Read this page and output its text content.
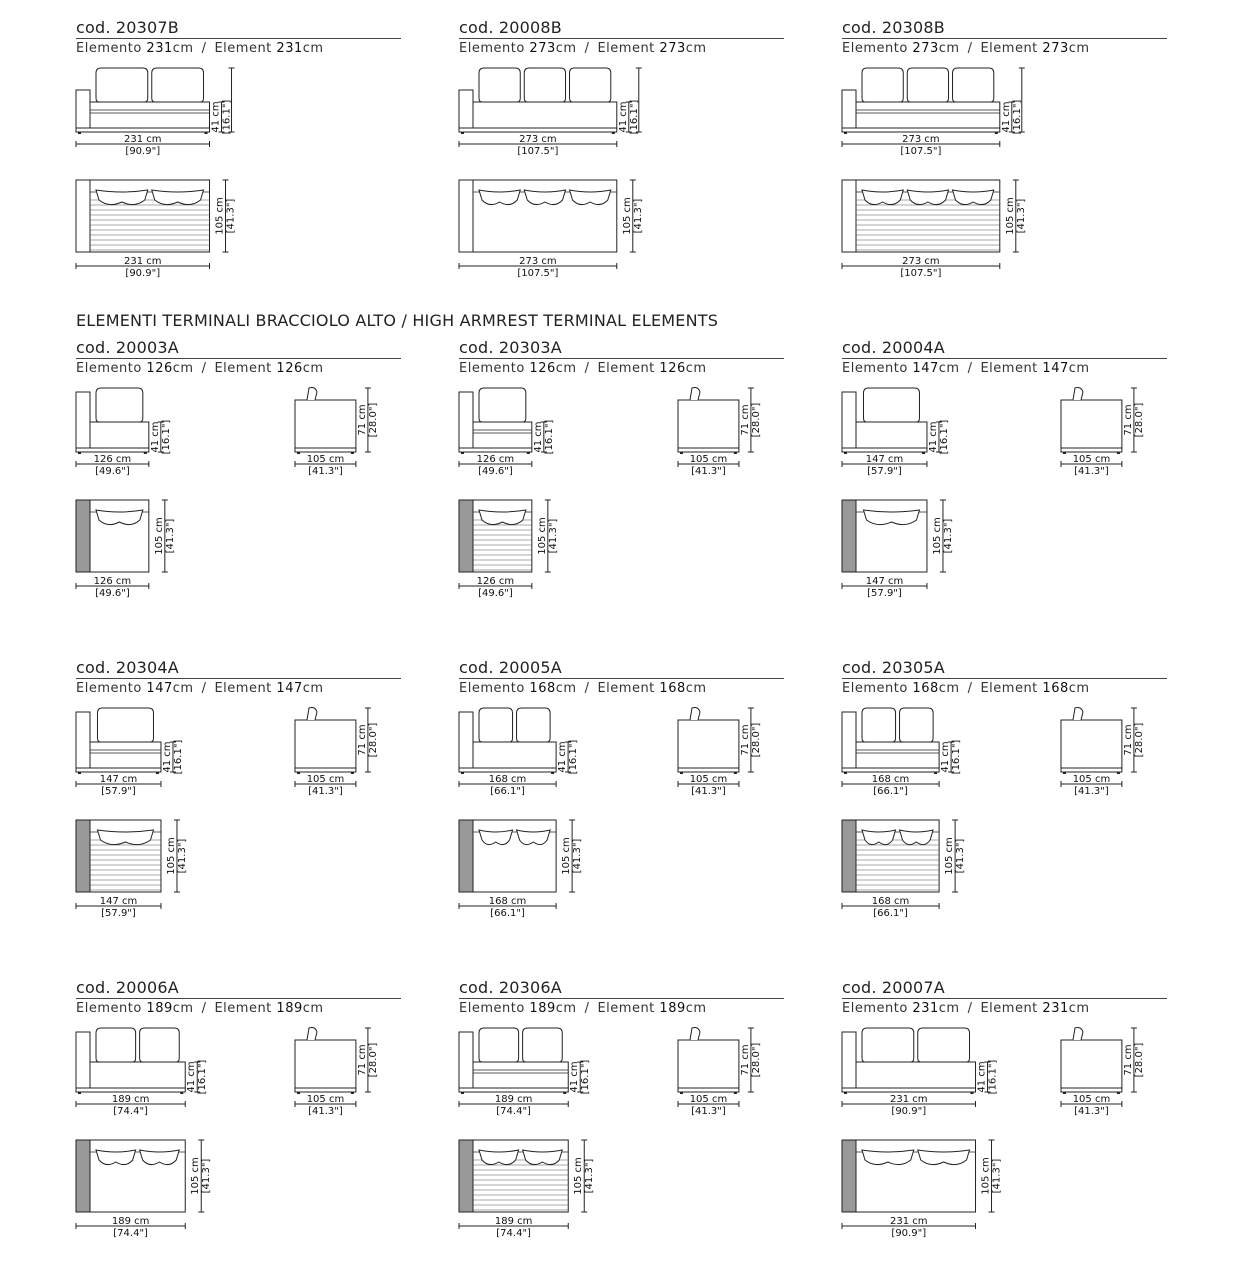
ELEMENTI TERMINALI BRACCIOLO ALTO / HIGH ARMREST TERMINAL ELEMENTS
cod. 20307B
Elemento 231cm / Element 231cm
231 cm
[90.9"]
41 cm [16.1"]
231 cm
[90.9"]
105 cm [41.3"]
cod. 20008B
Elemento 273cm / Element 273cm
273 cm
[107.5"]
41 cm [16.1"]
273 cm
[107.5"]
105 cm [41.3"]
cod. 20308B
Elemento 273cm / Element 273cm
273 cm
[107.5"]
41 cm [16.1"]
273 cm
[107.5"]
105 cm [41.3"]
cod. 20003A
Elemento 126cm / Element 126cm
126 cm
[49.6"]
41 cm [16.1"]
105 cm
[41.3"]
71 cm [28.0"]
126 cm
[49.6"]
105 cm [41.3"]
cod. 20303A
Elemento 126cm / Element 126cm
126 cm
[49.6"]
41 cm [16.1"]
105 cm
[41.3"]
71 cm [28.0"]
126 cm
[49.6"]
105 cm [41.3"]
cod. 20004A
Elemento 147cm / Element 147cm
147 cm
[57.9"]
41 cm [16.1"]
105 cm
[41.3"]
71 cm [28.0"]
147 cm
[57.9"]
105 cm [41.3"]
cod. 20304A
Elemento 147cm / Element 147cm
147 cm
[57.9"]
41 cm [16.1"]
105 cm
[41.3"]
71 cm [28.0"]
147 cm
[57.9"]
105 cm [41.3"]
cod. 20005A
Elemento 168cm / Element 168cm
168 cm
[66.1"]
41 cm [16.1"]
105 cm
[41.3"]
71 cm [28.0"]
168 cm
[66.1"]
105 cm [41.3"]
cod. 20305A
Elemento 168cm / Element 168cm
168 cm
[66.1"]
41 cm [16.1"]
105 cm
[41.3"]
71 cm [28.0"]
168 cm
[66.1"]
105 cm [41.3"]
cod. 20006A
Elemento 189cm / Element 189cm
189 cm
[74.4"]
41 cm [16.1"]
105 cm
[41.3"]
71 cm [28.0"]
189 cm
[74.4"]
105 cm [41.3"]
cod. 20306A
Elemento 189cm / Element 189cm
189 cm
[74.4"]
41 cm [16.1"]
105 cm
[41.3"]
71 cm [28.0"]
189 cm
[74.4"]
105 cm [41.3"]
cod. 20007A
Elemento 231cm / Element 231cm
231 cm
[90.9"]
41 cm [16.1"]
105 cm
[41.3"]
71 cm [28.0"]
231 cm
[90.9"]
105 cm [41.3"]
